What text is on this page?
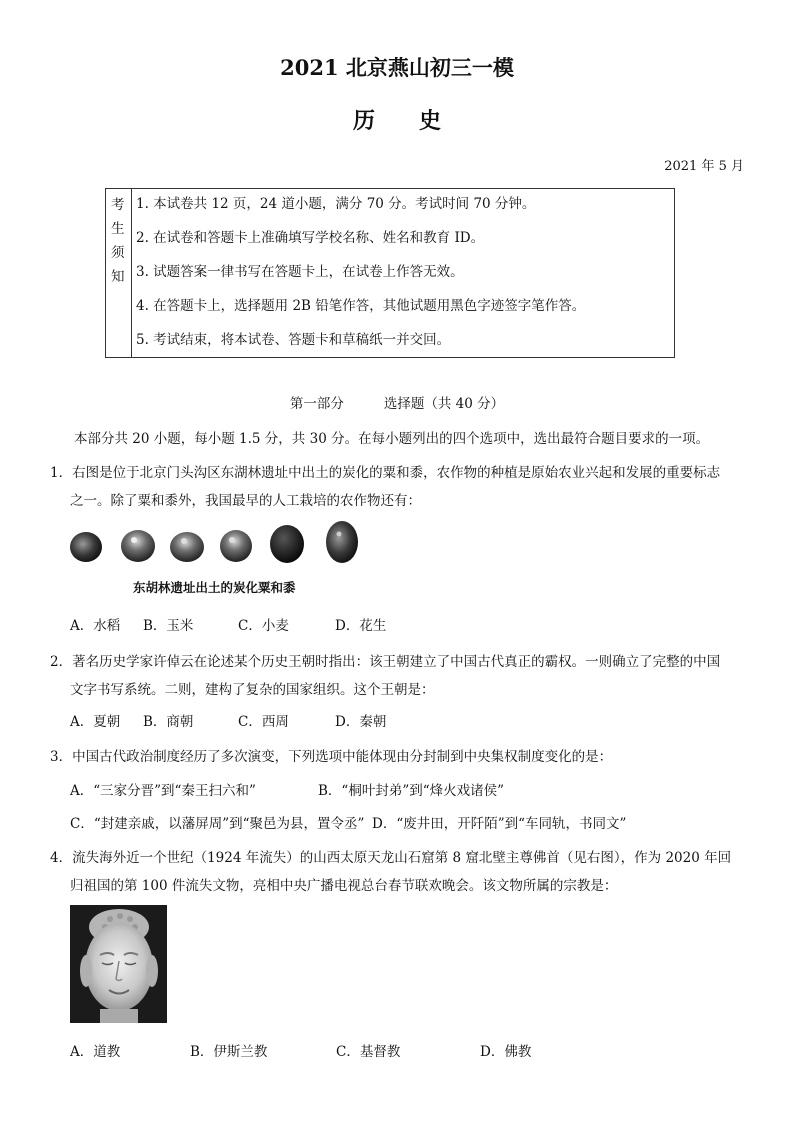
2021 北京燕山初三一模
历 史
2021 年 5 月
考
生
须
知
1. 本试卷共 12 页，24 道小题，满分 70 分。考试时间 70 分钟。
2. 在试卷和答题卡上准确填写学校名称、姓名和教育 ID。
3. 试题答案一律书写在答题卡上，在试卷上作答无效。
4. 在答题卡上，选择题用 2B 铅笔作答，其他试题用黑色字迹签字笔作答。
5. 考试结束，将本试卷、答题卡和草稿纸一并交回。
第一部分	选择题（共 40 分）
本部分共 20 小题，每小题 1.5 分，共 30 分。在每小题列出的四个选项中，选出最符合题目要求的一项。
1．右图是位于北京门头沟区东湖林遗址中出土的炭化的粟和黍，农作物的种植是原始农业兴起和发展的重要标志
之一。除了粟和黍外，我国最早的人工栽培的农作物还有：
东胡林遗址出土的炭化粟和黍
A．水稻 B．玉米	C．小麦	D．花生
2．著名历史学家许倬云在论述某个历史王朝时指出：该王朝建立了中国古代真正的霸权。一则确立了完整的中国
文字书写系统。二则，建构了复杂的国家组织。这个王朝是：
A．夏朝 B．商朝	C．西周	D．秦朝
3．中国古代政治制度经历了多次演变，下列选项中能体现由分封制到中央集权制度变化的是：
A．“三家分晋”到“秦王扫六和”	B．“桐叶封弟”到“烽火戏诸侯”
C．“封建亲戚，以藩屏周”到“聚邑为县，置令丞” D．“废井田，开阡陌”到“车同轨，书同文”
4．流失海外近一个世纪（1924 年流失）的山西太原天龙山石窟第 8 窟北壁主尊佛首（见右图），作为 2020 年回
归祖国的第 100 件流失文物，亮相中央广播电视总台春节联欢晚会。该文物所属的宗教是：
A．道教	B．伊斯兰教	C．基督教	D．佛教
